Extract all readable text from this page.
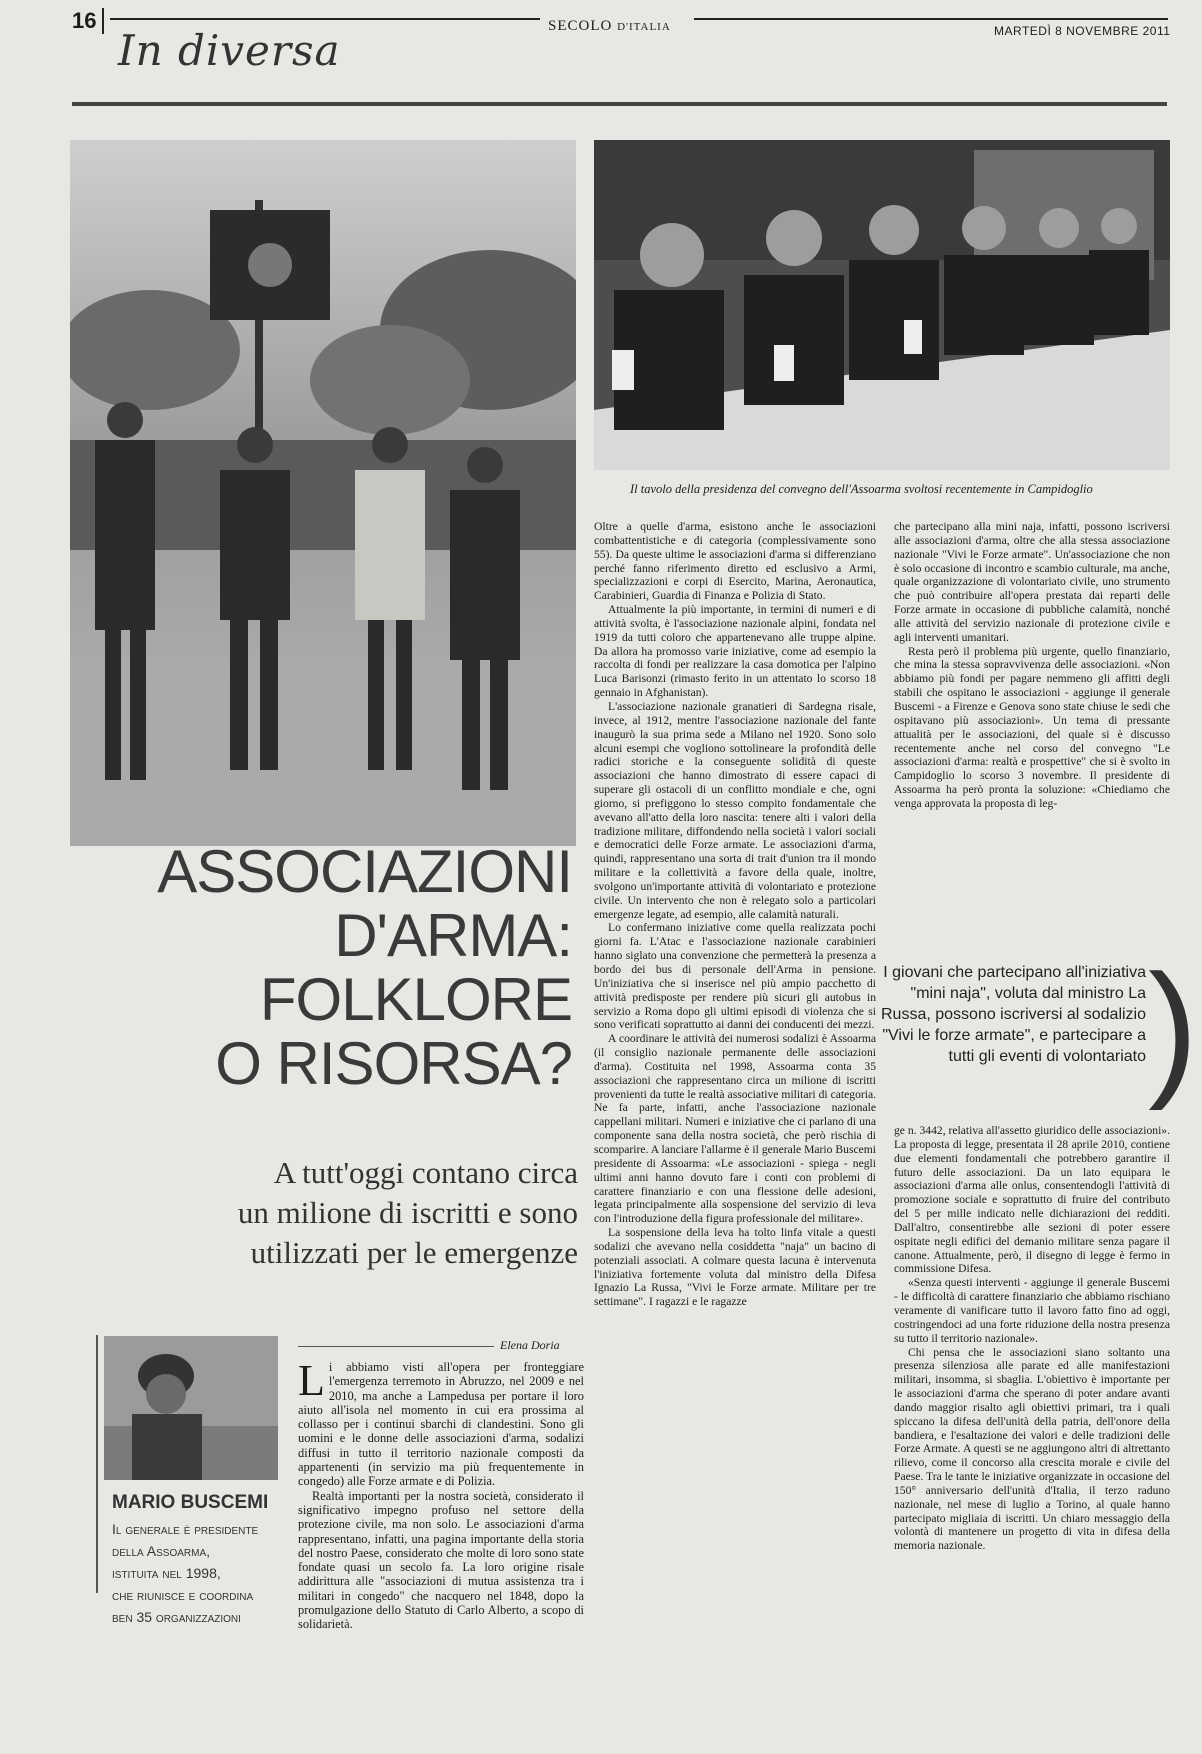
16
In diversa	SECOLO D'ITALIA	MARTEDÌ 8 NOVEMBRE 2011
Il tavolo della presidenza del convegno dell'Assoarma svoltosi recentemente in Campidoglio
ASSOCIAZIONI
D'ARMA:
FOLKLORE
O RISORSA?
A tutt'oggi contano circa
un milione di iscritti e sono
utilizzati per le emergenze
Elena Doria
MARIO BUSCEMI
Il generale è presidente
della Assoarma,
istituita nel 1998,
che riunisce e coordina
ben 35 organizzazioni

Li abbiamo visti all'opera per fronteggiare l'emergenza terremoto in Abruzzo, nel 2009 e nel 2010, ma anche a Lampedusa per portare il loro aiuto all'isola nel momento in cui era prossima al collasso per i continui sbarchi di clandestini. Sono gli uomini e le donne delle associazioni d'arma, sodalizi diffusi in tutto il territorio nazionale composti da appartenenti (in servizio ma più frequentemente in congedo) alle Forze armate e di Polizia.

Realtà importanti per la nostra società, considerato il significativo impegno profuso nel settore della protezione civile, ma non solo. Le associazioni d'arma rappresentano, infatti, una pagina importante della storia del nostro Paese, considerato che molte di loro sono state fondate quasi un secolo fa. La loro origine risale addirittura alle "associazioni di mutua assistenza tra i militari in congedo" che nacquero nel 1848, dopo la promulgazione dello Statuto di Carlo Alberto, a scopo di solidarietà.

Oltre a quelle d'arma, esistono anche le associazioni combattentistiche e di categoria (complessivamente sono 55). Da queste ultime le associazioni d'arma si differenziano perché fanno riferimento diretto ed esclusivo a Armi, specializzazioni e corpi di Esercito, Marina, Aeronautica, Carabinieri, Guardia di Finanza e Polizia di Stato.

Attualmente la più importante, in termini di numeri e di attività svolta, è l'associazione nazionale alpini, fondata nel 1919 da tutti coloro che appartenevano alle truppe alpine. Da allora ha promosso varie iniziative, come ad esempio la raccolta di fondi per realizzare la casa domotica per l'alpino Luca Barisonzi (rimasto ferito in un attentato lo scorso 18 gennaio in Afghanistan).

L'associazione nazionale granatieri di Sardegna risale, invece, al 1912, mentre l'associazione nazionale del fante inaugurò la sua prima sede a Milano nel 1920. Sono solo alcuni esempi che vogliono sottolineare la profondità delle radici storiche e la conseguente solidità di queste associazioni che hanno dimostrato di essere capaci di superare gli ostacoli di un conflitto mondiale e che, ogni giorno, si prefiggono lo stesso compito fondamentale che avevano all'atto della loro nascita: tenere alti i valori della tradizione militare, diffondendo nella società i valori sociali e democratici delle Forze armate. Le associazioni d'arma, quindi, rappresentano una sorta di trait d'union tra il mondo militare e la collettività a favore della quale, inoltre, svolgono un'importante attività di volontariato e protezione civile. Un intervento che non è relegato solo a particolari emergenze legate, ad esempio, alle calamità naturali.

Lo confermano iniziative come quella realizzata pochi giorni fa. L'Atac e l'associazione nazionale carabinieri hanno siglato una convenzione che permetterà la presenza a bordo dei bus di personale dell'Arma in pensione. Un'iniziativa che si inserisce nel più ampio pacchetto di attività predisposte per rendere più sicuri gli autobus in servizio a Roma dopo gli ultimi episodi di violenza che si sono verificati soprattutto ai danni dei conducenti dei mezzi.

A coordinare le attività dei numerosi sodalizi è Assoarma (il consiglio nazionale permanente delle associazioni d'arma). Costituita nel 1998, Assoarma conta 35 associazioni che rappresentano circa un milione di iscritti provenienti da tutte le realtà associative militari di categoria. Ne fa parte, infatti, anche l'associazione nazionale cappellani militari. Numeri e iniziative che ci parlano di una componente sana della nostra società, che però rischia di scomparire. A lanciare l'allarme è il generale Mario Buscemi presidente di Assoarma: «Le associazioni - spiega - negli ultimi anni hanno dovuto fare i conti con problemi di carattere finanziario e con una flessione delle adesioni, legata principalmente alla sospensione del servizio di leva con l'introduzione della figura professionale del militare».

La sospensione della leva ha tolto linfa vitale a questi sodalizi che avevano nella cosiddetta "naja" un bacino di potenziali associati. A colmare questa lacuna è intervenuta l'iniziativa fortemente voluta dal ministro della Difesa Ignazio La Russa, "Vivi le Forze armate. Militare per tre settimane". I ragazzi e le ragazze

che partecipano alla mini naja, infatti, possono iscriversi alle associazioni d'arma, oltre che alla stessa associazione nazionale "Vivi le Forze armate". Un'associazione che non è solo occasione di incontro e scambio culturale, ma anche, quale organizzazione di volontariato civile, uno strumento che può contribuire all'opera prestata dai reparti delle Forze armate in occasione di pubbliche calamità, nonché alle attività del servizio nazionale di protezione civile e agli interventi umanitari.

Resta però il problema più urgente, quello finanziario, che mina la stessa sopravvivenza delle associazioni. «Non abbiamo più fondi per pagare nemmeno gli affitti degli stabili che ospitano le associazioni - aggiunge il generale Buscemi - a Firenze e Genova sono state chiuse le sedi che ospitavano più associazioni». Un tema di pressante attualità per le associazioni, del quale si è discusso recentemente anche nel corso del convegno "Le associazioni d'arma: realtà e prospettive" che si è svolto in Campidoglio lo scorso 3 novembre. Il presidente di Assoarma ha però pronta la soluzione: «Chiediamo che venga approvata la proposta di leg-

I giovani che partecipano all'iniziativa "mini naja", voluta dal ministro La Russa, possono iscriversi al sodalizio "Vivi le forze armate", e partecipare a tutti gli eventi di volontariato )

ge n. 3442, relativa all'assetto giuridico delle associazioni». La proposta di legge, presentata il 28 aprile 2010, contiene due elementi fondamentali che potrebbero garantire il futuro delle associazioni. Da un lato equipara le associazioni d'arma alle onlus, consentendogli l'attività di promozione sociale e soprattutto di fruire del contributo del 5 per mille indicato nelle dichiarazioni dei redditi. Dall'altro, consentirebbe alle sezioni di poter essere ospitate negli edifici del demanio militare senza pagare il canone. Attualmente, però, il disegno di legge è fermo in commissione Difesa.

«Senza questi interventi - aggiunge il generale Buscemi - le difficoltà di carattere finanziario che abbiamo rischiano veramente di vanificare tutto il lavoro fatto fino ad oggi, costringendoci ad una forte riduzione della nostra presenza su tutto il territorio nazionale».

Chi pensa che le associazioni siano soltanto una presenza silenziosa alle parate ed alle manifestazioni militari, insomma, si sbaglia. L'obiettivo è importante per le associazioni d'arma che sperano di poter andare avanti dando maggior risalto agli obiettivi primari, tra i quali spiccano la difesa dell'unità della patria, dell'onore della bandiera, e l'esaltazione dei valori e delle tradizioni delle Forze Armate. A questi se ne aggiungono altri di altrettanto rilievo, come il concorso alla crescita morale e civile del Paese. Tra le tante le iniziative organizzate in occasione del 150° anniversario dell'unità d'Italia, il terzo raduno nazionale, nel mese di luglio a Torino, al quale hanno partecipato migliaia di iscritti. Un chiaro messaggio della volontà di mantenere un progetto di vita in difesa della memoria nazionale.
